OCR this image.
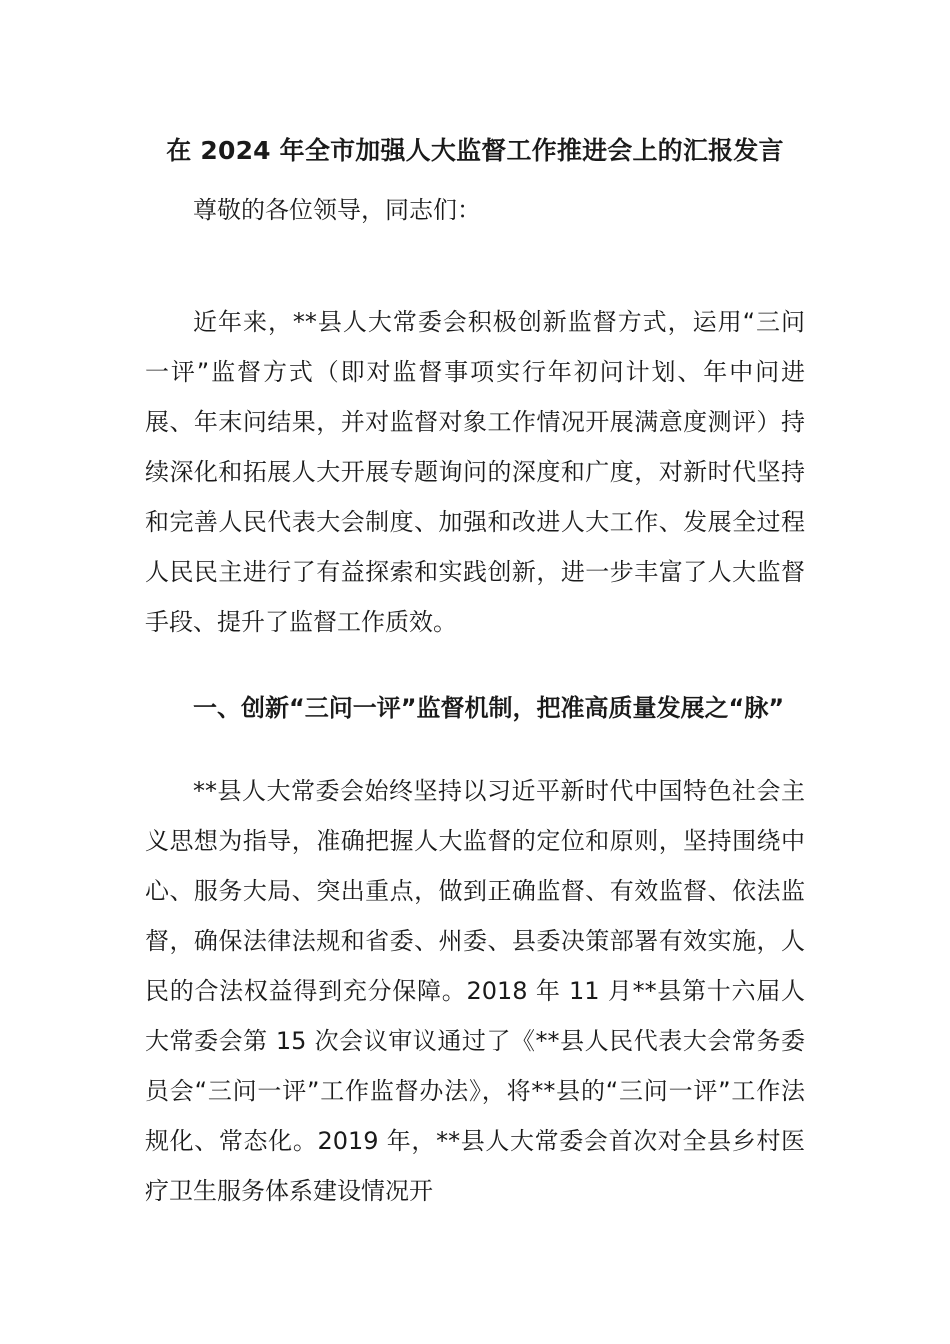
在 2024 年全市加强人大监督工作推进会上的汇报发言
尊敬的各位领导，同志们：
近年来，**县人大常委会积极创新监督方式，运用“三问一评”监督方式（即对监督事项实行年初问计划、年中问进展、年末问结果，并对监督对象工作情况开展满意度测评）持续深化和拓展人大开展专题询问的深度和广度，对新时代坚持和完善人民代表大会制度、加强和改进人大工作、发展全过程人民民主进行了有益探索和实践创新，进一步丰富了人大监督手段、提升了监督工作质效。
一、创新“三问一评”监督机制，把准高质量发展之“脉”
**县人大常委会始终坚持以习近平新时代中国特色社会主义思想为指导，准确把握人大监督的定位和原则，坚持围绕中心、服务大局、突出重点，做到正确监督、有效监督、依法监督，确保法律法规和省委、州委、县委决策部署有效实施，人民的合法权益得到充分保障。2018 年 11 月**县第十六届人大常委会第 15 次会议审议通过了《**县人民代表大会常务委员会“三问一评”工作监督办法》，将**县的“三问一评”工作法规化、常态化。2019 年，**县人大常委会首次对全县乡村医疗卫生服务体系建设情况开
